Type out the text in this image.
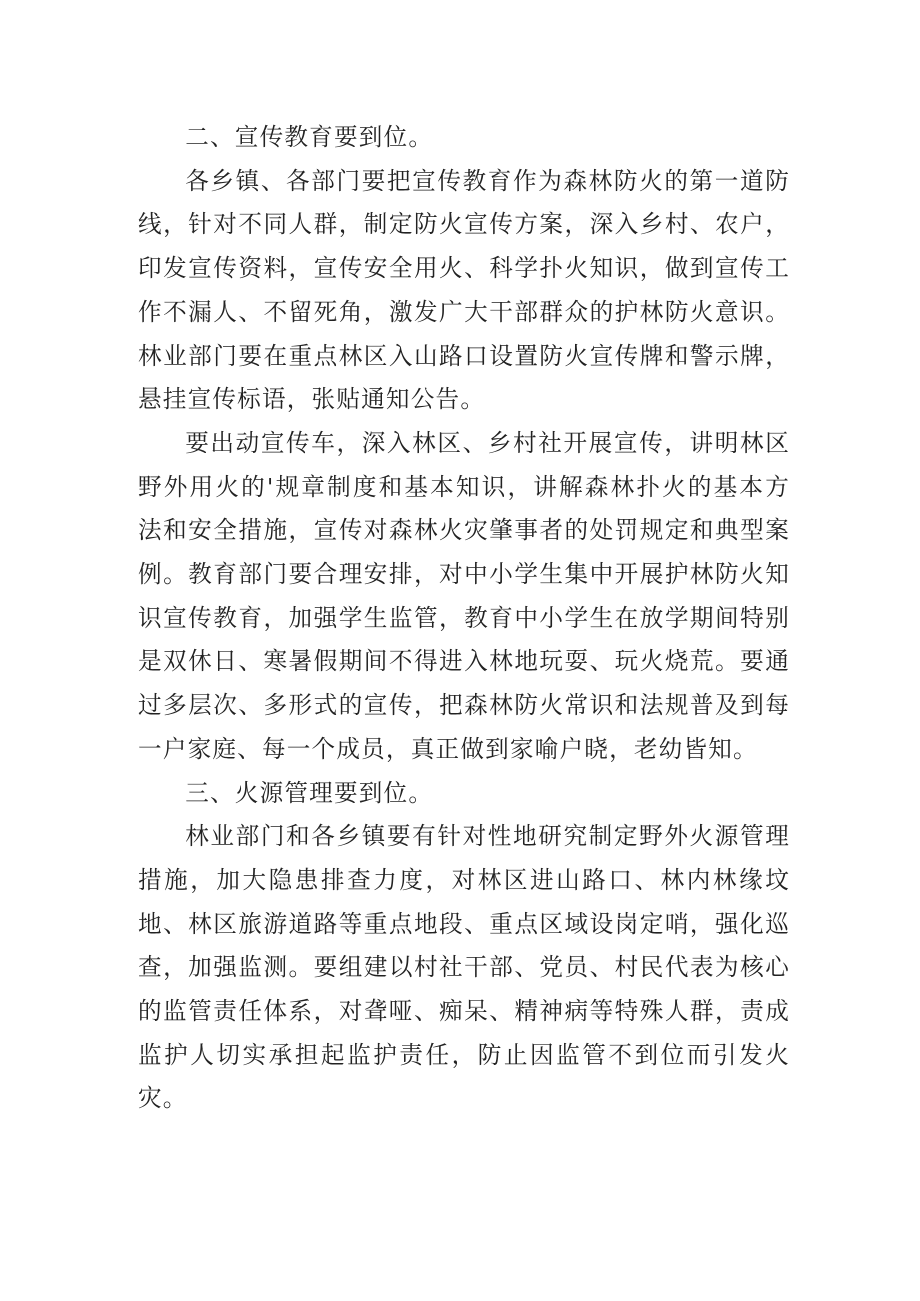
二、宣传教育要到位。

各乡镇、各部门要把宣传教育作为森林防火的第一道防线，针对不同人群，制定防火宣传方案，深入乡村、农户，印发宣传资料，宣传安全用火、科学扑火知识，做到宣传工作不漏人、不留死角，激发广大干部群众的护林防火意识。林业部门要在重点林区入山路口设置防火宣传牌和警示牌，悬挂宣传标语，张贴通知公告。

要出动宣传车，深入林区、乡村社开展宣传，讲明林区野外用火的'规章制度和基本知识，讲解森林扑火的基本方法和安全措施，宣传对森林火灾肇事者的处罚规定和典型案例。教育部门要合理安排，对中小学生集中开展护林防火知识宣传教育，加强学生监管，教育中小学生在放学期间特别是双休日、寒暑假期间不得进入林地玩耍、玩火烧荒。要通过多层次、多形式的宣传，把森林防火常识和法规普及到每一户家庭、每一个成员，真正做到家喻户晓，老幼皆知。

三、火源管理要到位。

林业部门和各乡镇要有针对性地研究制定野外火源管理措施，加大隐患排查力度，对林区进山路口、林内林缘坟地、林区旅游道路等重点地段、重点区域设岗定哨，强化巡查，加强监测。要组建以村社干部、党员、村民代表为核心的监管责任体系，对聋哑、痴呆、精神病等特殊人群，责成监护人切实承担起监护责任，防止因监管不到位而引发火灾。
